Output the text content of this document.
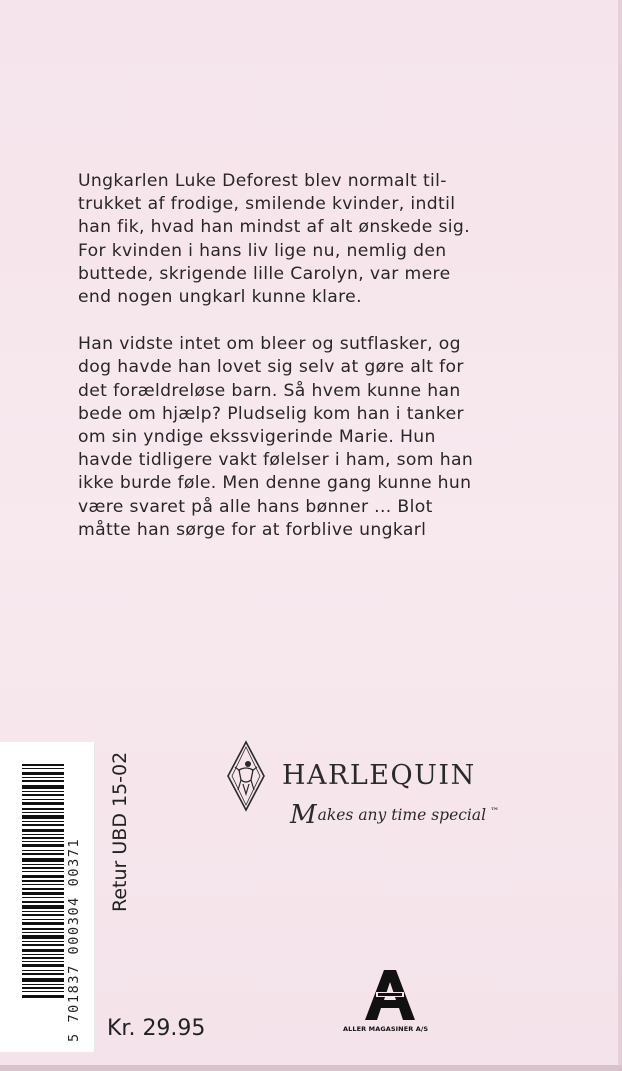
Ungkarlen Luke Deforest blev normalt til-
trukket af frodige, smilende kvinder, indtil
han fik, hvad han mindst af alt ønskede sig.
For kvinden i hans liv lige nu, nemlig den
buttede, skrigende lille Carolyn, var mere
end nogen ungkarl kunne klare.

Han vidste intet om bleer og sutflasker, og
dog havde han lovet sig selv at gøre alt for
det forældreløse barn. Så hvem kunne han
bede om hjælp? Pludselig kom han i tanker
om sin yndige ekssvigerinde Marie. Hun
havde tidligere vakt følelser i ham, som han
ikke burde føle. Men denne gang kunne hun
være svaret på alle hans bønner ... Blot
måtte han sørge for at forblive ungkarl

5 701837 000304 00371
Retur UBD 15-02
Kr. 29.95
HARLEQUIN
Makes any time special ™
ALLER MAGASINER A/S
